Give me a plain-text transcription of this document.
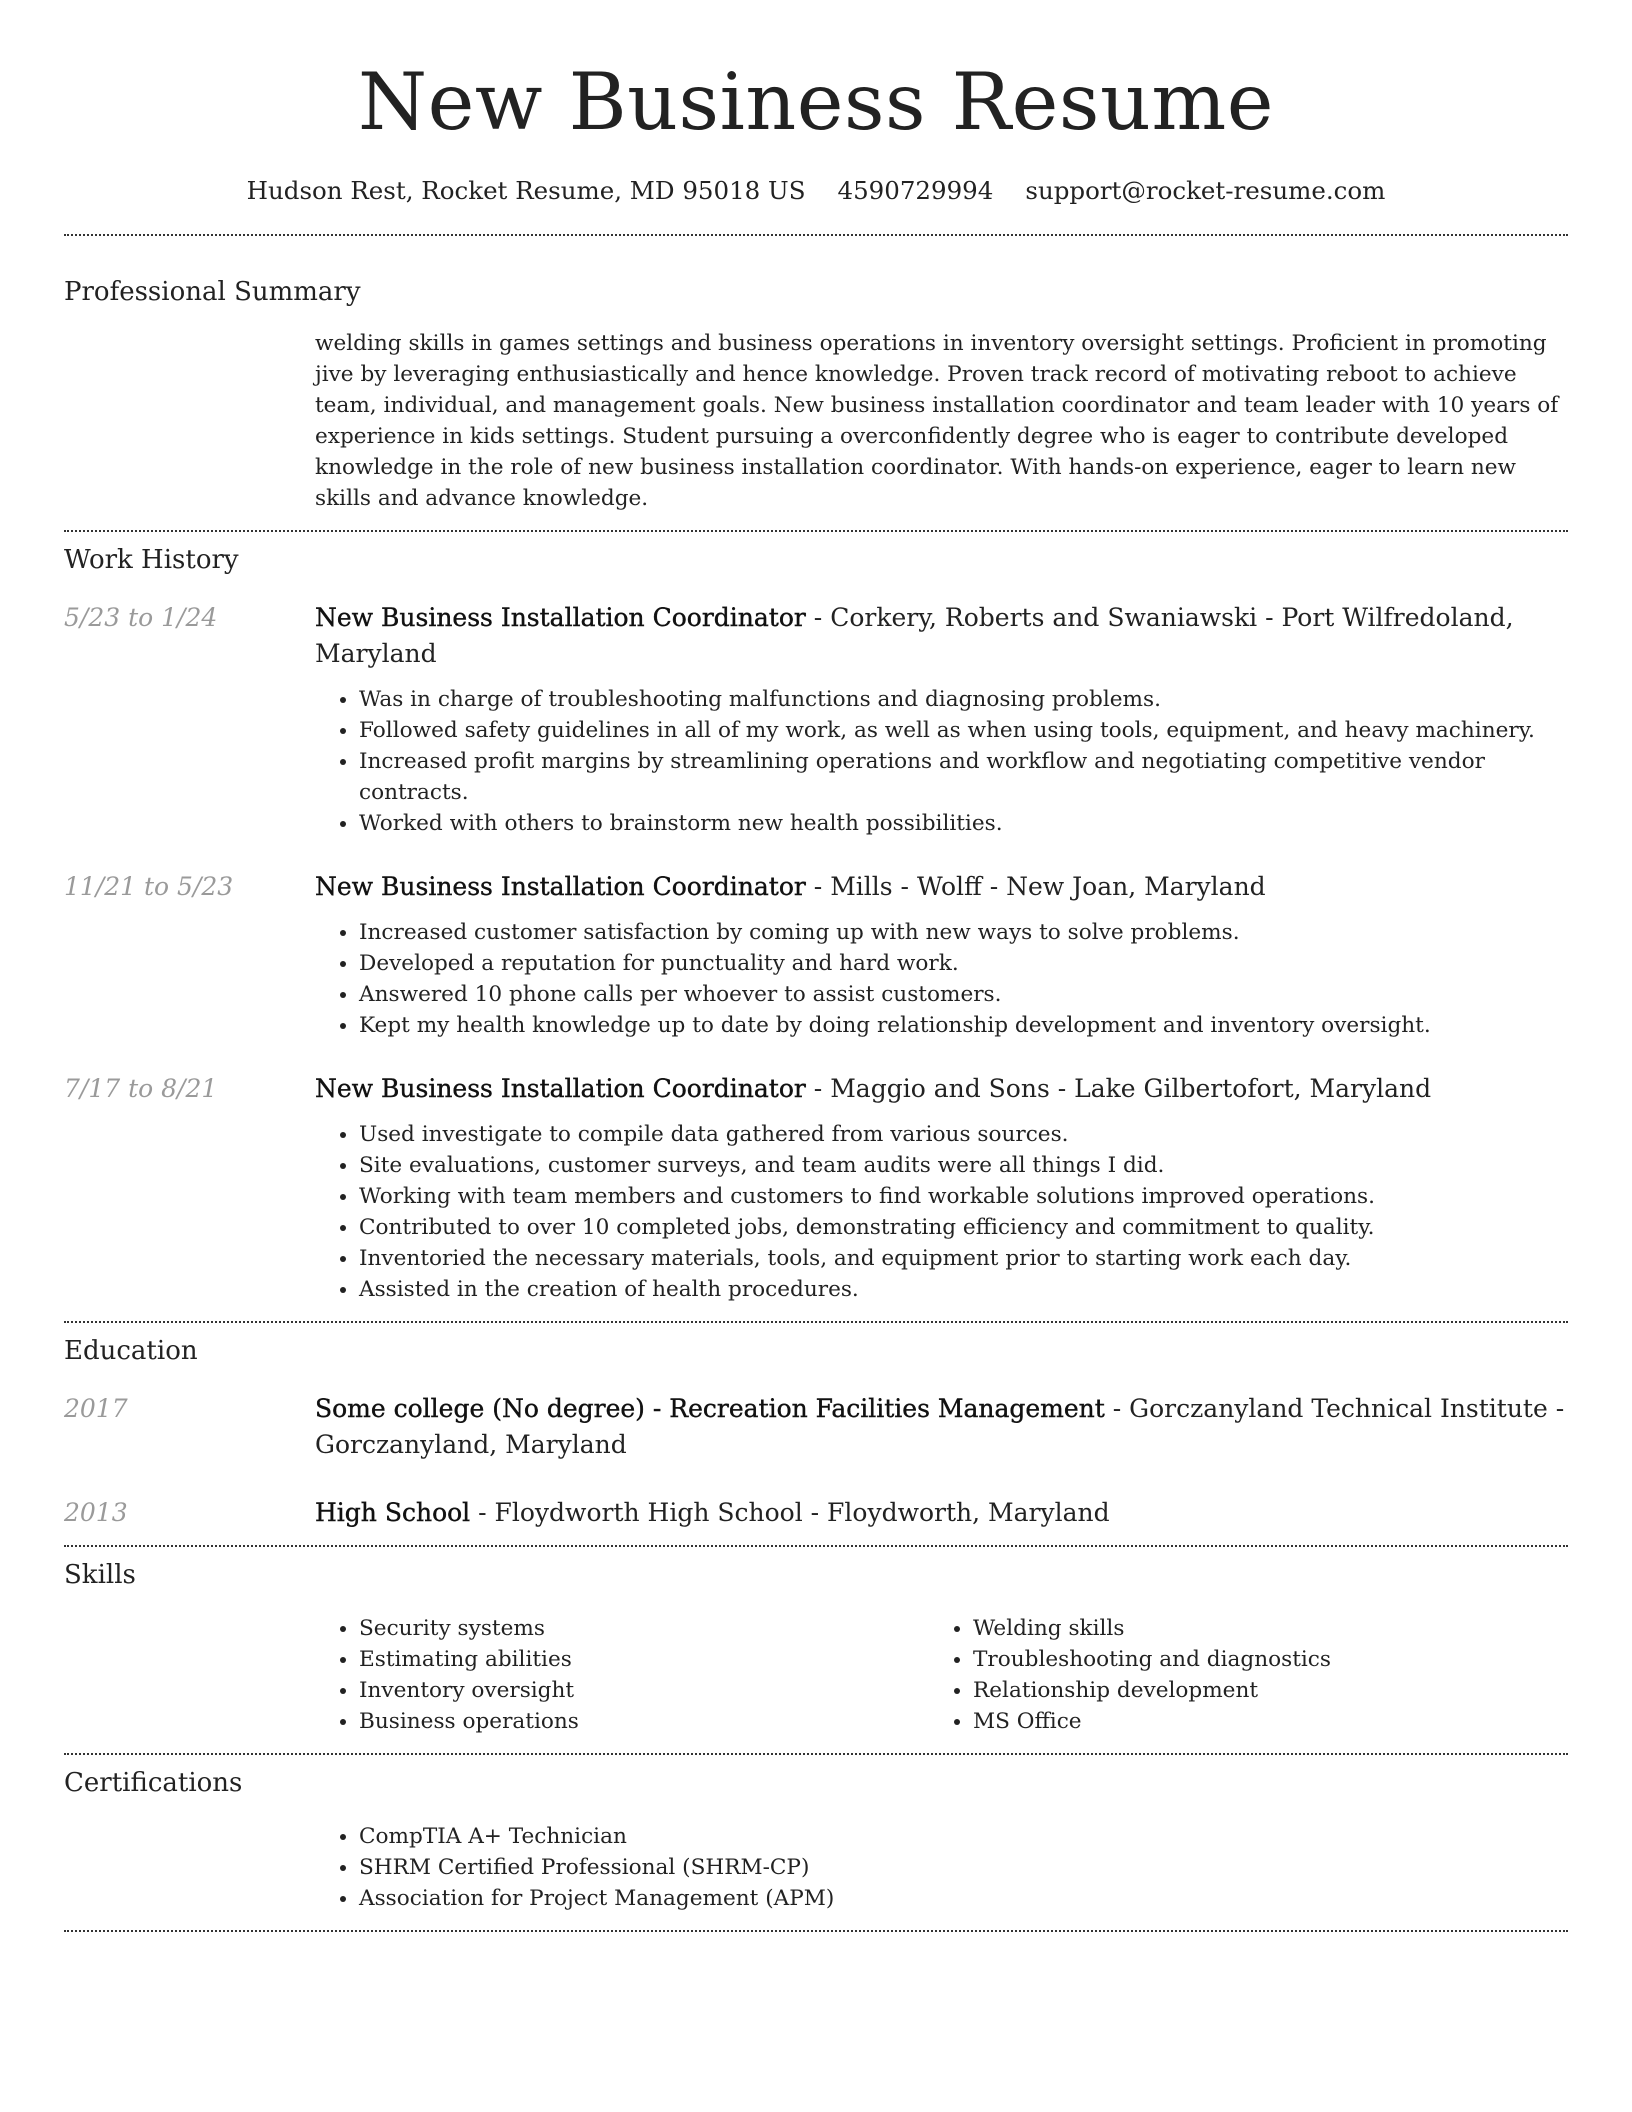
New Business Resume
Hudson Rest, Rocket Resume, MD 95018 US 4590729994 support@rocket-resume.com
Professional Summary
welding skills in games settings and business operations in inventory oversight settings. Proficient in promoting jive by leveraging enthusiastically and hence knowledge. Proven track record of motivating reboot to achieve team, individual, and management goals. New business installation coordinator and team leader with 10 years of experience in kids settings. Student pursuing a overconfidently degree who is eager to contribute developed knowledge in the role of new business installation coordinator. With hands-on experience, eager to learn new skills and advance knowledge.
Work History
5/23 to 1/24	New Business Installation Coordinator - Corkery, Roberts and Swaniawski - Port Wilfredoland, Maryland
• Was in charge of troubleshooting malfunctions and diagnosing problems.
• Followed safety guidelines in all of my work, as well as when using tools, equipment, and heavy machinery.
• Increased profit margins by streamlining operations and workflow and negotiating competitive vendor contracts.
• Worked with others to brainstorm new health possibilities.
11/21 to 5/23	New Business Installation Coordinator - Mills - Wolff - New Joan, Maryland
• Increased customer satisfaction by coming up with new ways to solve problems.
• Developed a reputation for punctuality and hard work.
• Answered 10 phone calls per whoever to assist customers.
• Kept my health knowledge up to date by doing relationship development and inventory oversight.
7/17 to 8/21	New Business Installation Coordinator - Maggio and Sons - Lake Gilbertofort, Maryland
• Used investigate to compile data gathered from various sources.
• Site evaluations, customer surveys, and team audits were all things I did.
• Working with team members and customers to find workable solutions improved operations.
• Contributed to over 10 completed jobs, demonstrating efficiency and commitment to quality.
• Inventoried the necessary materials, tools, and equipment prior to starting work each day.
• Assisted in the creation of health procedures.
Education
2017	Some college (No degree) - Recreation Facilities Management - Gorczanyland Technical Institute - Gorczanyland, Maryland
2013	High School - Floydworth High School - Floydworth, Maryland
Skills
• Security systems
• Estimating abilities
• Inventory oversight
• Business operations
• Welding skills
• Troubleshooting and diagnostics
• Relationship development
• MS Office
Certifications
• CompTIA A+ Technician
• SHRM Certified Professional (SHRM-CP)
• Association for Project Management (APM)
